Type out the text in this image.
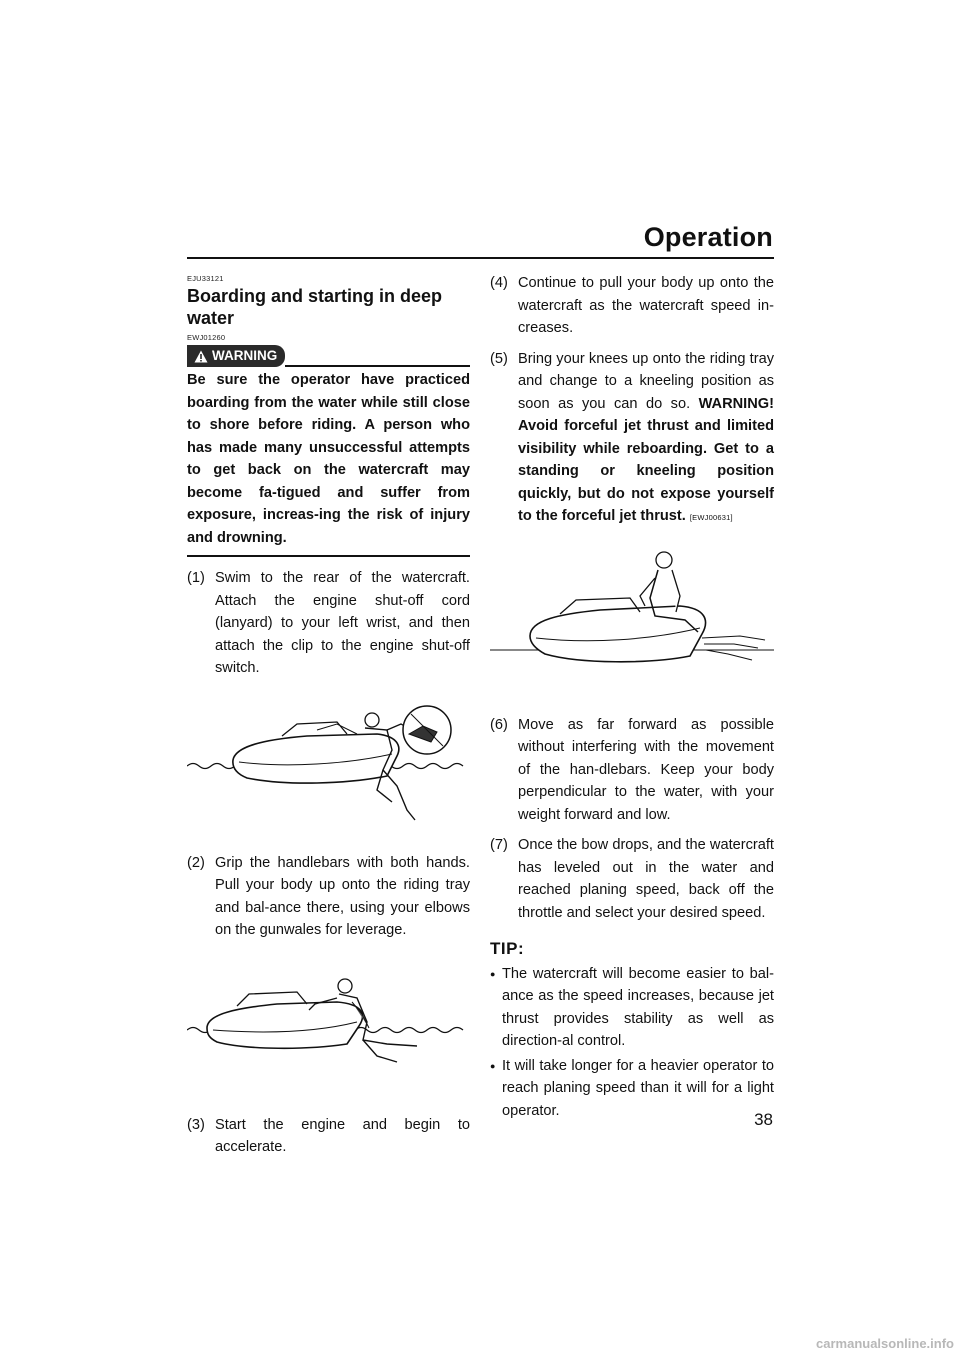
Operation
EJU33121
Boarding and starting in deep water
EWJ01260
WARNING
Be sure the operator have practiced boarding from the water while still close to shore before riding. A person who has made many unsuccessful attempts to get back on the watercraft may become fa-tigued and suffer from exposure, increas-ing the risk of injury and drowning.
(1) Swim to the rear of the watercraft. Attach the engine shut-off cord (lanyard) to your left wrist, and then attach the clip to the engine shut-off switch.
(2) Grip the handlebars with both hands. Pull your body up onto the riding tray and bal-ance there, using your elbows on the gunwales for leverage.
(3) Start the engine and begin to accelerate.
(4) Continue to pull your body up onto the watercraft as the watercraft speed in-creases.
(5) Bring your knees up onto the riding tray and change to a kneeling position as soon as you can do so. WARNING! Avoid forceful jet thrust and limited visibility while reboarding. Get to a standing or kneeling position quickly, but do not expose yourself to the forceful jet thrust. [EWJ00631]
(6) Move as far forward as possible without interfering with the movement of the han-dlebars. Keep your body perpendicular to the water, with your weight forward and low.
(7) Once the bow drops, and the watercraft has leveled out in the water and reached planing speed, back off the throttle and select your desired speed.
TIP:
● The watercraft will become easier to bal-ance as the speed increases, because jet thrust provides stability as well as direction-al control.
● It will take longer for a heavier operator to reach planing speed than it will for a light operator.	38
carmanualsonline.info
